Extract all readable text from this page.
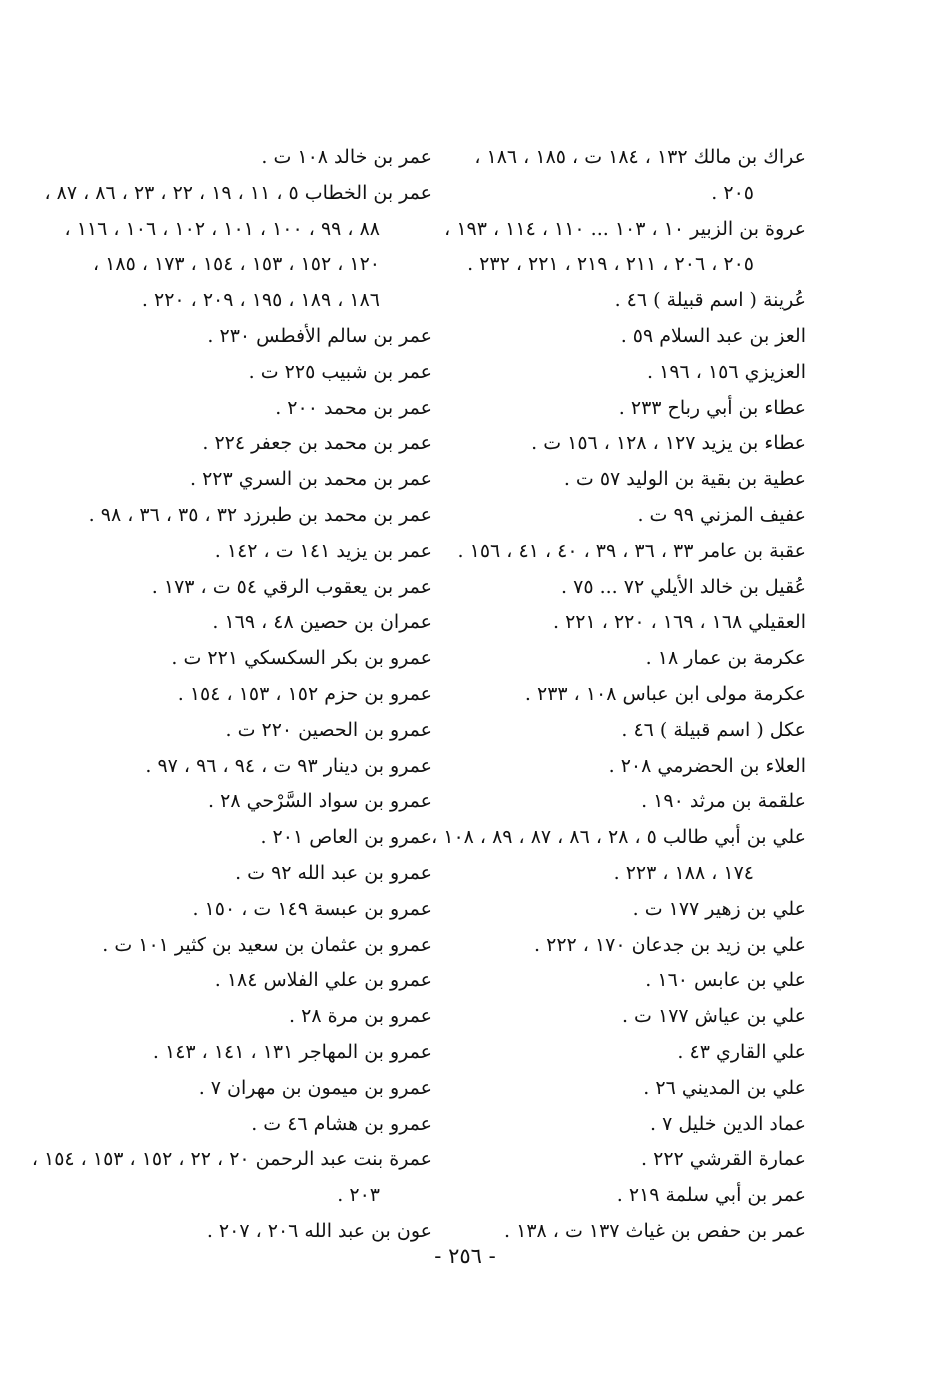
عراك بن مالك ١٣٢ ، ١٨٤ ت ، ١٨٥ ، ١٨٦ ،
٢٠٥ .
عروة بن الزبير ١٠ ، ١٠٣ ... ١١٠ ، ١١٤ ، ١٩٣ ،
٢٠٥ ، ٢٠٦ ، ٢١١ ، ٢١٩ ، ٢٢١ ، ٢٣٢ .
عُرينة ( اسم قبيلة ) ٤٦ .
العز بن عبد السلام ٥٩ .
العزيزي ١٥٦ ، ١٩٦ .
عطاء بن أبي رباح ٢٣٣ .
عطاء بن يزيد ١٢٧ ، ١٢٨ ، ١٥٦ ت .
عطية بن بقية بن الوليد ٥٧ ت .
عفيف المزني ٩٩ ت .
عقبة بن عامر ٣٣ ، ٣٦ ، ٣٩ ، ٤٠ ، ٤١ ، ١٥٦ .
عُقيل بن خالد الأيلي ٧٢ ... ٧٥ .
العقيلي ١٦٨ ، ١٦٩ ، ٢٢٠ ، ٢٢١ .
عكرمة بن عمار ١٨ .
عكرمة مولى ابن عباس ١٠٨ ، ٢٣٣ .
عكل ( اسم قبيلة ) ٤٦ .
العلاء بن الحضرمي ٢٠٨ .
علقمة بن مرثد ١٩٠ .
علي بن أبي طالب ٥ ، ٢٨ ، ٨٦ ، ٨٧ ، ٨٩ ، ١٠٨ ،
١٧٤ ، ١٨٨ ، ٢٢٣ .
علي بن زهير ١٧٧ ت .
علي بن زيد بن جدعان ١٧٠ ، ٢٢٢ .
علي بن عابس ١٦٠ .
علي بن عياش ١٧٧ ت .
علي القاري ٤٣ .
علي بن المديني ٢٦ .
عماد الدين خليل ٧ .
عمارة القرشي ٢٢٢ .
عمر بن أبي سلمة ٢١٩ .
عمر بن حفص بن غياث ١٣٧ ت ، ١٣٨ .
عمر بن خالد ١٠٨ ت .
عمر بن الخطاب ٥ ، ١١ ، ١٩ ، ٢٢ ، ٢٣ ، ٨٦ ، ٨٧ ،
٨٨ ، ٩٩ ، ١٠٠ ، ١٠١ ، ١٠٢ ، ١٠٦ ، ١١٦ ،
١٢٠ ، ١٥٢ ، ١٥٣ ، ١٥٤ ، ١٧٣ ، ١٨٥ ،
١٨٦ ، ١٨٩ ، ١٩٥ ، ٢٠٩ ، ٢٢٠ .
عمر بن سالم الأفطس ٢٣٠ .
عمر بن شبيب ٢٢٥ ت .
عمر بن محمد ٢٠٠ .
عمر بن محمد بن جعفر ٢٢٤ .
عمر بن محمد بن السري ٢٢٣ .
عمر بن محمد بن طبرزد ٣٢ ، ٣٥ ، ٣٦ ، ٩٨ .
عمر بن يزيد ١٤١ ت ، ١٤٢ .
عمر بن يعقوب الرقي ٥٤ ت ، ١٧٣ .
عمران بن حصين ٤٨ ، ١٦٩ .
عمرو بن بكر السكسكي ٢٢١ ت .
عمرو بن حزم ١٥٢ ، ١٥٣ ، ١٥٤ .
عمرو بن الحصين ٢٢٠ ت .
عمرو بن دينار ٩٣ ت ، ٩٤ ، ٩٦ ، ٩٧ .
عمرو بن سواد السَّرْحي ٢٨ .
عمرو بن العاص ٢٠١ .
عمرو بن عبد الله ٩٢ ت .
عمرو بن عبسة ١٤٩ ت ، ١٥٠ .
عمرو بن عثمان بن سعيد بن كثير ١٠١ ت .
عمرو بن علي الفلاس ١٨٤ .
عمرو بن مرة ٢٨ .
عمرو بن المهاجر ١٣١ ، ١٤١ ، ١٤٣ .
عمرو بن ميمون بن مهران ٧ .
عمرو بن هشام ٤٦ ت .
عمرة بنت عبد الرحمن ٢٠ ، ٢٢ ، ١٥٢ ، ١٥٣ ، ١٥٤ ،
٢٠٣ .
عون بن عبد الله ٢٠٦ ، ٢٠٧ .
- ٢٥٦ -
